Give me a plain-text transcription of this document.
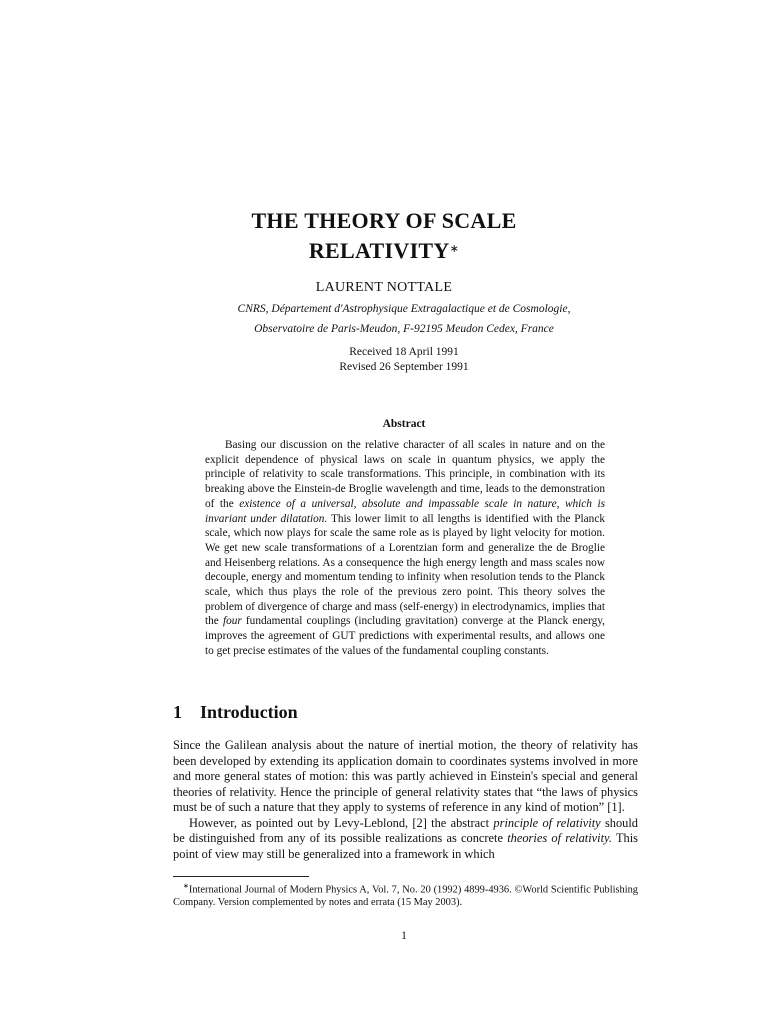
THE THEORY OF SCALE
RELATIVITY∗
LAURENT NOTTALE
CNRS, Département d'Astrophysique Extragalactique et de Cosmologie,
Observatoire de Paris-Meudon, F-92195 Meudon Cedex, France
Received 18 April 1991
Revised 26 September 1991
Abstract
Basing our discussion on the relative character of all scales in nature and on the explicit dependence of physical laws on scale in quantum physics, we apply the principle of relativity to scale transformations. This principle, in combination with its breaking above the Einstein-de Broglie wavelength and time, leads to the demonstration of the existence of a universal, absolute and impassable scale in nature, which is invariant under dilatation. This lower limit to all lengths is identified with the Planck scale, which now plays for scale the same role as is played by light velocity for motion. We get new scale transformations of a Lorentzian form and generalize the de Broglie and Heisenberg relations. As a consequence the high energy length and mass scales now decouple, energy and momentum tending to infinity when resolution tends to the Planck scale, which thus plays the role of the previous zero point. This theory solves the problem of divergence of charge and mass (self-energy) in electrodynamics, implies that the four fundamental couplings (including gravitation) converge at the Planck energy, improves the agreement of GUT predictions with experimental results, and allows one to get precise estimates of the values of the fundamental coupling constants.
1 Introduction

Since the Galilean analysis about the nature of inertial motion, the theory of relativity has been developed by extending its application domain to coordinates systems involved in more and more general states of motion: this was partly achieved in Einstein's special and general theories of relativity. Hence the principle of general relativity states that “the laws of physics must be of such a nature that they apply to systems of reference in any kind of motion” [1].

However, as pointed out by Levy-Leblond, [2] the abstract principle of relativity should be distinguished from any of its possible realizations as concrete theories of relativity. This point of view may still be generalized into a framework in which

∗International Journal of Modern Physics A, Vol. 7, No. 20 (1992) 4899-4936. ©World Scientific Publishing Company. Version complemented by notes and errata (15 May 2003).
1
